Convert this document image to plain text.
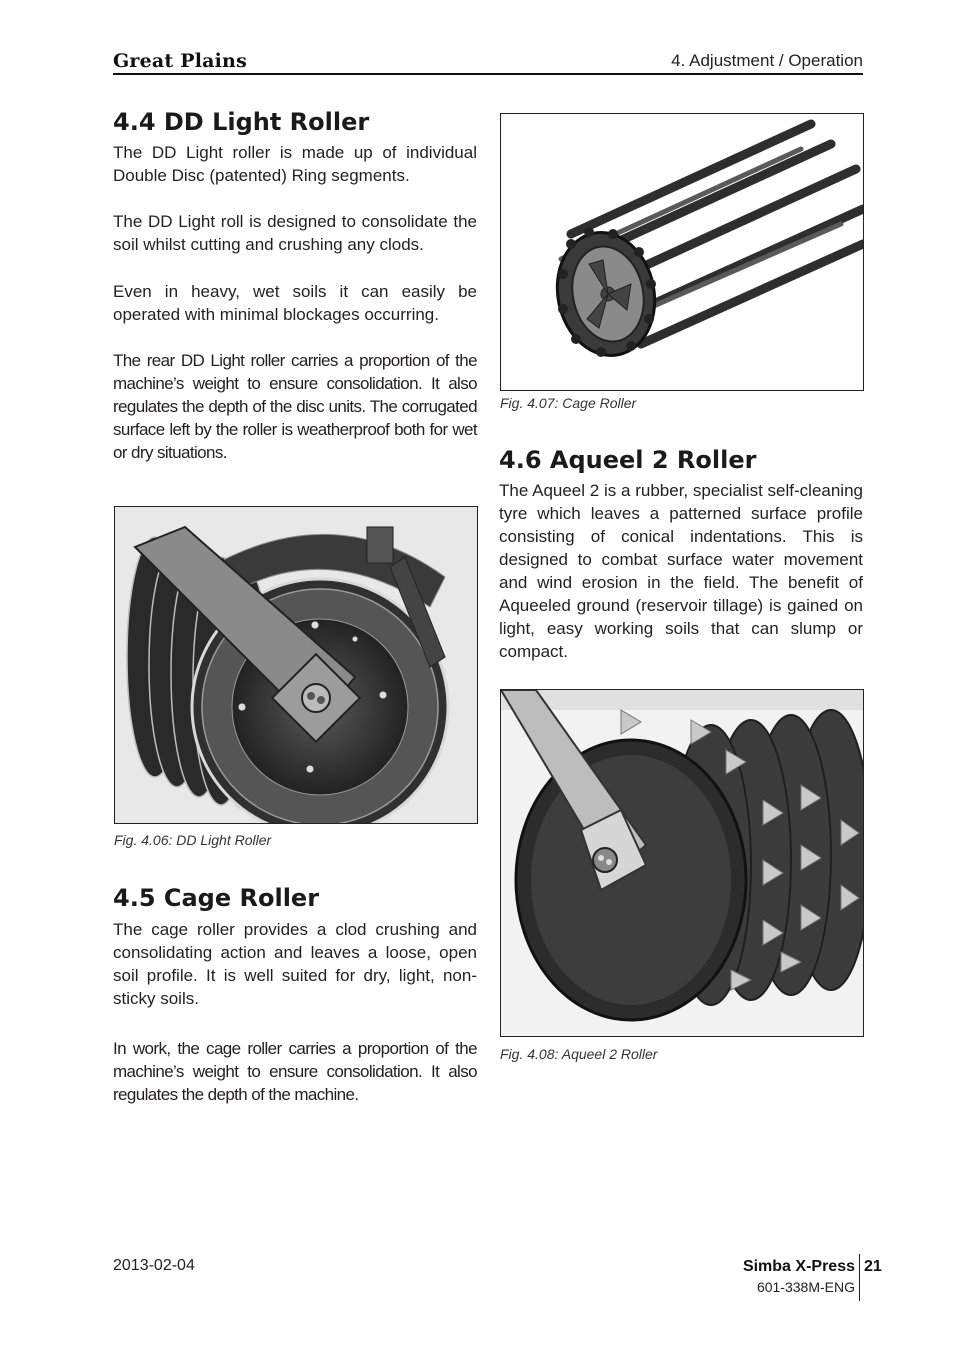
Great Plains	4. Adjustment / Operation
4.4 DD Light Roller

The DD Light roller is made up of individual Double Disc (patented) Ring segments.

The DD Light roll is designed to consolidate the soil whilst cutting and crushing any clods.

Even in heavy, wet soils it can easily be operated with minimal blockages occurring.

The rear DD Light roller carries a proportion of the machine’s weight to ensure consolidation. It also regulates the depth of the disc units. The corrugated surface left by the roller is weatherproof both for wet or dry situations.

Fig. 4.06: DD Light Roller
4.5 Cage Roller

The cage roller provides a clod crushing and consolidating action and leaves a loose, open soil profile. It is well suited for dry, light, non-sticky soils.

In work, the cage roller carries a proportion of the machine’s weight to ensure consolidation. It also regulates the depth of the machine.

Fig. 4.07: Cage Roller
4.6 Aqueel 2 Roller

The Aqueel 2 is a rubber, specialist self-cleaning tyre which leaves a patterned surface profile consisting of conical indentations. This is designed to combat surface water movement and wind erosion in the field. The benefit of Aqueeled ground (reservoir tillage) is gained on light, easy working soils that can slump or compact.

Fig. 4.08: Aqueel 2 Roller
2013-02-04	Simba X-Press
601-338M-ENG
21
